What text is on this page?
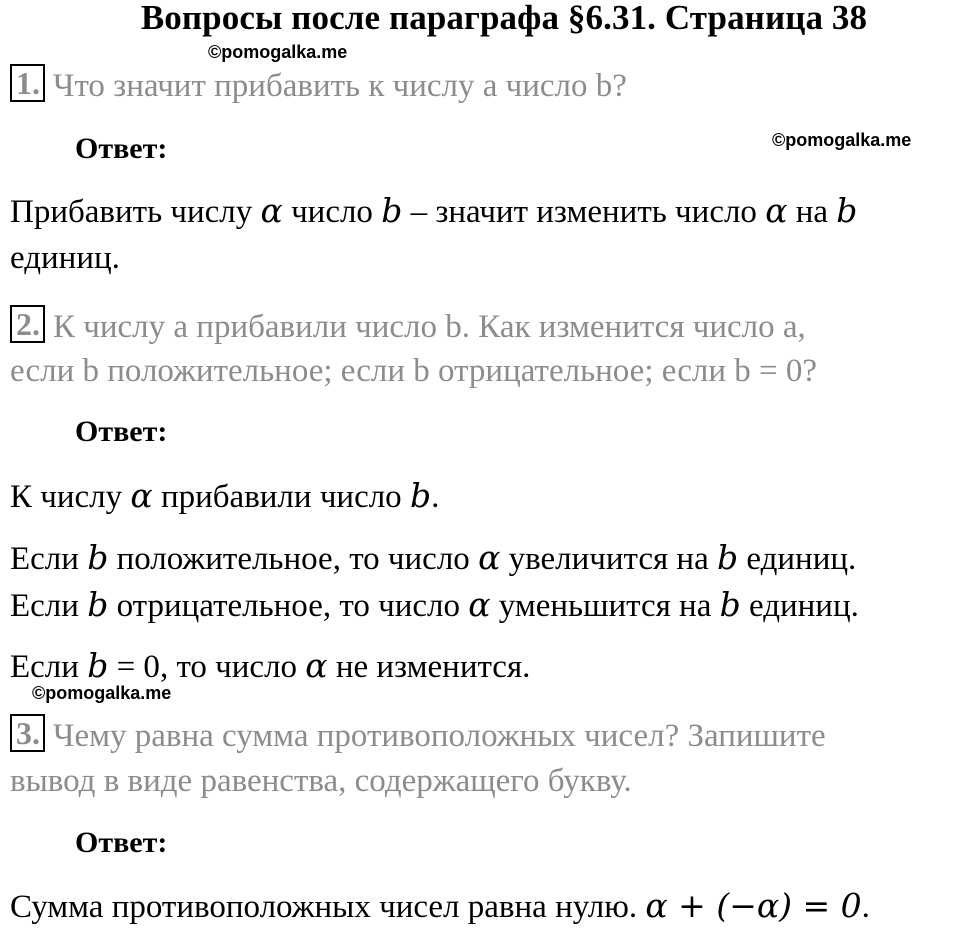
Вопросы после параграфа §6.31. Страница 38
©pomogalka.me
1. Что значит прибавить к числу a число b?
Ответ:	©pomogalka.me
Прибавить числу α число b – значит изменить число α на b
единиц.
2. К числу a прибавили число b. Как изменится число a,
если b положительное; если b отрицательное; если b = 0?
Ответ:
К числу α прибавили число b.
Если b положительное, то число α увеличится на b единиц.
Если b отрицательное, то число α уменьшится на b единиц.
Если b = 0, то число α не изменится.
©pomogalka.me
3. Чему равна сумма противоположных чисел? Запишите
вывод в виде равенства, содержащего букву.
Ответ:
Сумма противоположных чисел равна нулю. α + (−α) = 0.
